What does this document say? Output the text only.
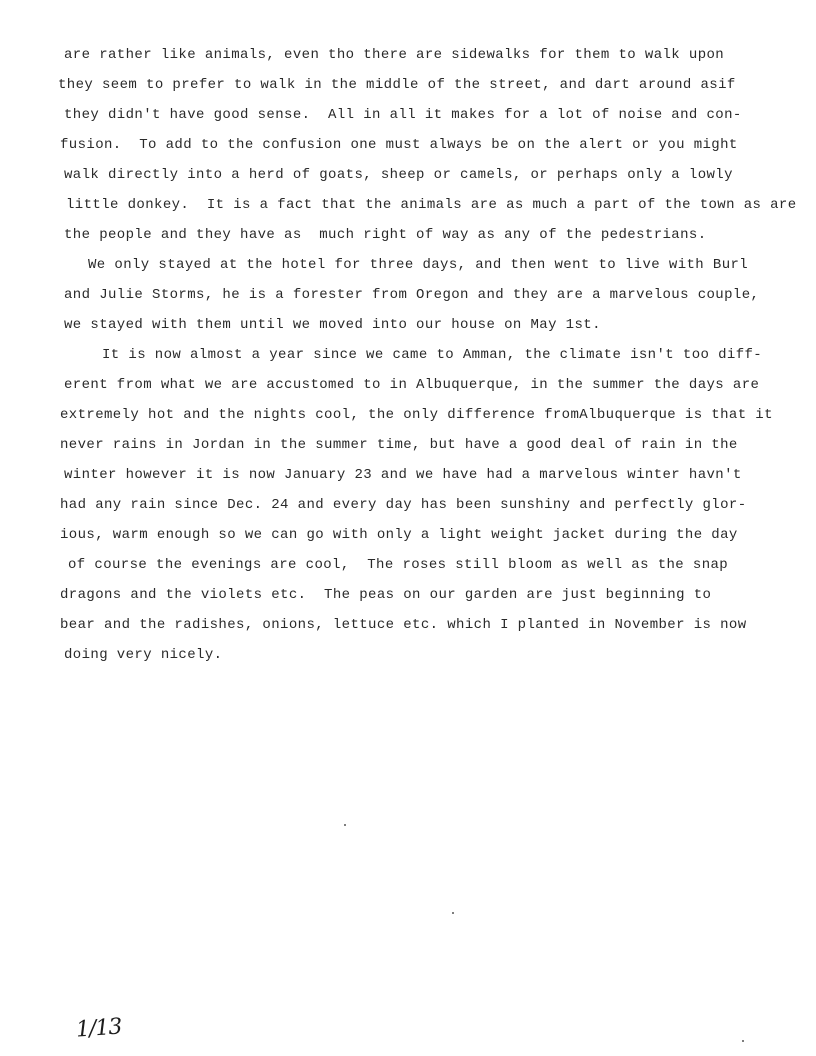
are rather like animals, even tho there are sidewalks for them to walk upon
they seem to prefer to walk in the middle of the street, and dart around asif
they didn't have good sense.  All in all it makes for a lot of noise and con-
fusion.  To add to the confusion one must always be on the alert or you might
walk directly into a herd of goats, sheep or camels, or perhaps only a lowly
little donkey.  It is a fact that the animals are as much a part of the town as are
the people and they have as  much right of way as any of the pedestrians.
We only stayed at the hotel for three days, and then went to live with Burl
and Julie Storms, he is a forester from Oregon and they are a marvelous couple,
we stayed with them until we moved into our house on May 1st.
It is now almost a year since we came to Amman, the climate isn't too diff-
erent from what we are accustomed to in Albuquerque, in the summer the days are
extremely hot and the nights cool, the only difference fromAlbuquerque is that it
never rains in Jordan in the summer time, but have a good deal of rain in the
winter however it is now January 23 and we have had a marvelous winter havn't
had any rain since Dec. 24 and every day has been sunshiny and perfectly glor-
ious, warm enough so we can go with only a light weight jacket during the day
of course the evenings are cool,  The roses still bloom as well as the snap
dragons and the violets etc.  The peas on our garden are just beginning to
bear and the radishes, onions, lettuce etc. which I planted in November is now
doing very nicely.
1/13
